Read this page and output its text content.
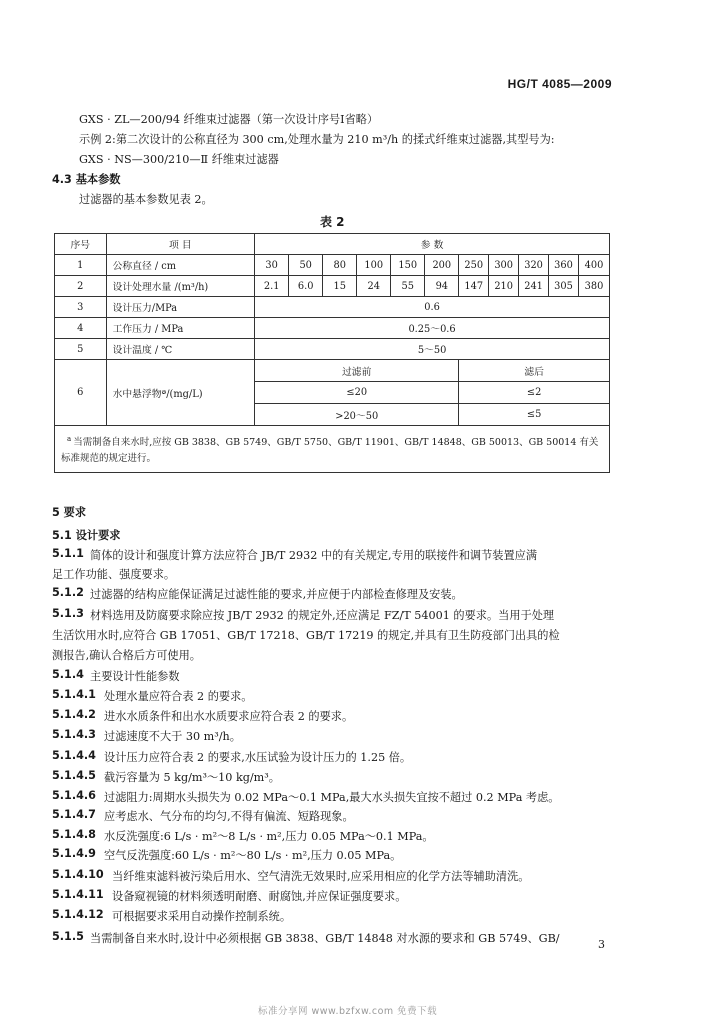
HG/T 4085—2009
GXS · ZL—200/94 纤维束过滤器（第一次设计序号Ⅰ省略）
示例 2:第二次设计的公称直径为 300 cm,处理水量为 210 m³/h 的揉式纤维束过滤器,其型号为:
GXS · NS—300/210—Ⅱ 纤维束过滤器
4.3 基本参数
过滤器的基本参数见表 2。
表 2
序号	项 目	参 数										
1	公称直径 / cm	30	50	80	100	150	200	250	300	320	360	400
2	设计处理水量 /(m³/h)	2.1	6.0	15	24	55	94	147	210	241	305	380
3	设计压力/MPa	0.6										
4	工作压力 / MPa	0.25～0.6										
5	设计温度 / ℃	5～50										
6	水中悬浮物ª/(mg/L)	过滤前						滤后				
		≤20						≤2				
		>20～50						≤5				
$^a$ 当需制备自来水时,应按 GB 3838、GB 5749、GB/T 5750、GB/T 11901、GB/T 14848、GB 50013、GB 50014 有关标准规范的规定进行。												
5 要求
5.1 设计要求
5.1.1 简体的设计和强度计算方法应符合 JB/T 2932 中的有关规定,专用的联接件和调节装置应满
足工作功能、强度要求。
5.1.2 过滤器的结构应能保证满足过滤性能的要求,并应便于内部检查修理及安装。
5.1.3 材料选用及防腐要求除应按 JB/T 2932 的规定外,还应满足 FZ/T 54001 的要求。当用于处理
生活饮用水时,应符合 GB 17051、GB/T 17218、GB/T 17219 的规定,并具有卫生防疫部门出具的检
测报告,确认合格后方可使用。
5.1.4 主要设计性能参数
5.1.4.1 处理水量应符合表 2 的要求。
5.1.4.2 进水水质条件和出水水质要求应符合表 2 的要求。
5.1.4.3 过滤速度不大于 30 m³/h。
5.1.4.4 设计压力应符合表 2 的要求,水压试验为设计压力的 1.25 倍。
5.1.4.5 截污容量为 5 kg/m³～10 kg/m³。
5.1.4.6 过滤阻力:周期水头损失为 0.02 MPa～0.1 MPa,最大水头损失宜按不超过 0.2 MPa 考虑。
5.1.4.7 应考虑水、气分布的均匀,不得有偏流、短路现象。
5.1.4.8 水反洗强度:6 L/s · m²～8 L/s · m²,压力 0.05 MPa～0.1 MPa。
5.1.4.9 空气反洗强度:60 L/s · m²～80 L/s · m²,压力 0.05 MPa。
5.1.4.10 当纤维束滤料被污染后用水、空气清洗无效果时,应采用相应的化学方法等辅助清洗。
5.1.4.11 设备窥视镜的材料须透明耐磨、耐腐蚀,并应保证强度要求。
5.1.4.12 可根据要求采用自动操作控制系统。
5.1.5 当需制备自来水时,设计中必须根据 GB 3838、GB/T 14848 对水源的要求和 GB 5749、GB/	3
标准分享网 www.bzfxw.com 免费下载
